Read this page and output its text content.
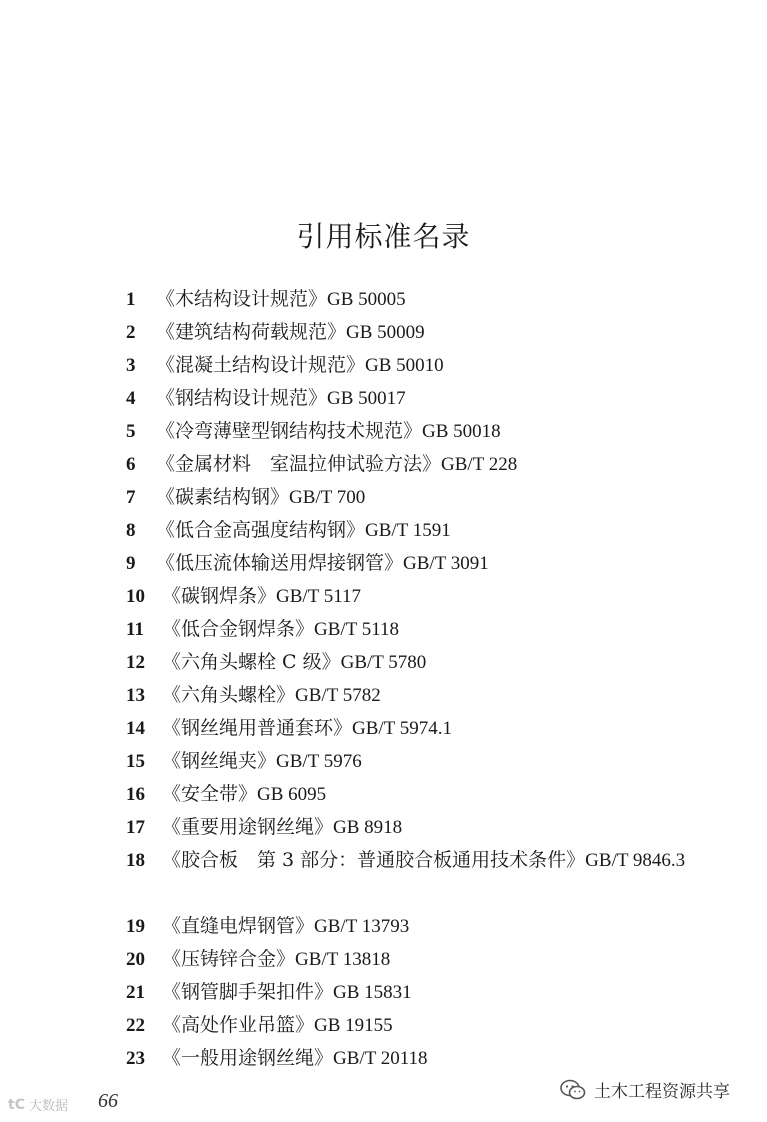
引用标准名录
1	《木结构设计规范》GB 50005
2	《建筑结构荷载规范》GB 50009
3	《混凝土结构设计规范》GB 50010
4	《钢结构设计规范》GB 50017
5	《冷弯薄壁型钢结构技术规范》GB 50018
6	《金属材料　室温拉伸试验方法》GB/T 228
7	《碳素结构钢》GB/T 700
8	《低合金高强度结构钢》GB/T 1591
9	《低压流体输送用焊接钢管》GB/T 3091
10 《碳钢焊条》GB/T 5117
11 《低合金钢焊条》GB/T 5118
12 《六角头螺栓 C 级》GB/T 5780
13 《六角头螺栓》GB/T 5782
14 《钢丝绳用普通套环》GB/T 5974.1
15 《钢丝绳夹》GB/T 5976
16 《安全带》GB 6095
17 《重要用途钢丝绳》GB 8918
18 《胶合板　第 3 部分：普通胶合板通用技术条件》GB/T 9846.3
19 《直缝电焊钢管》GB/T 13793
20 《压铸锌合金》GB/T 13818
21 《钢管脚手架扣件》GB 15831
22 《高处作业吊篮》GB 19155
23 《一般用途钢丝绳》GB/T 20118
tC 大数据 66	土木工程资源共享
